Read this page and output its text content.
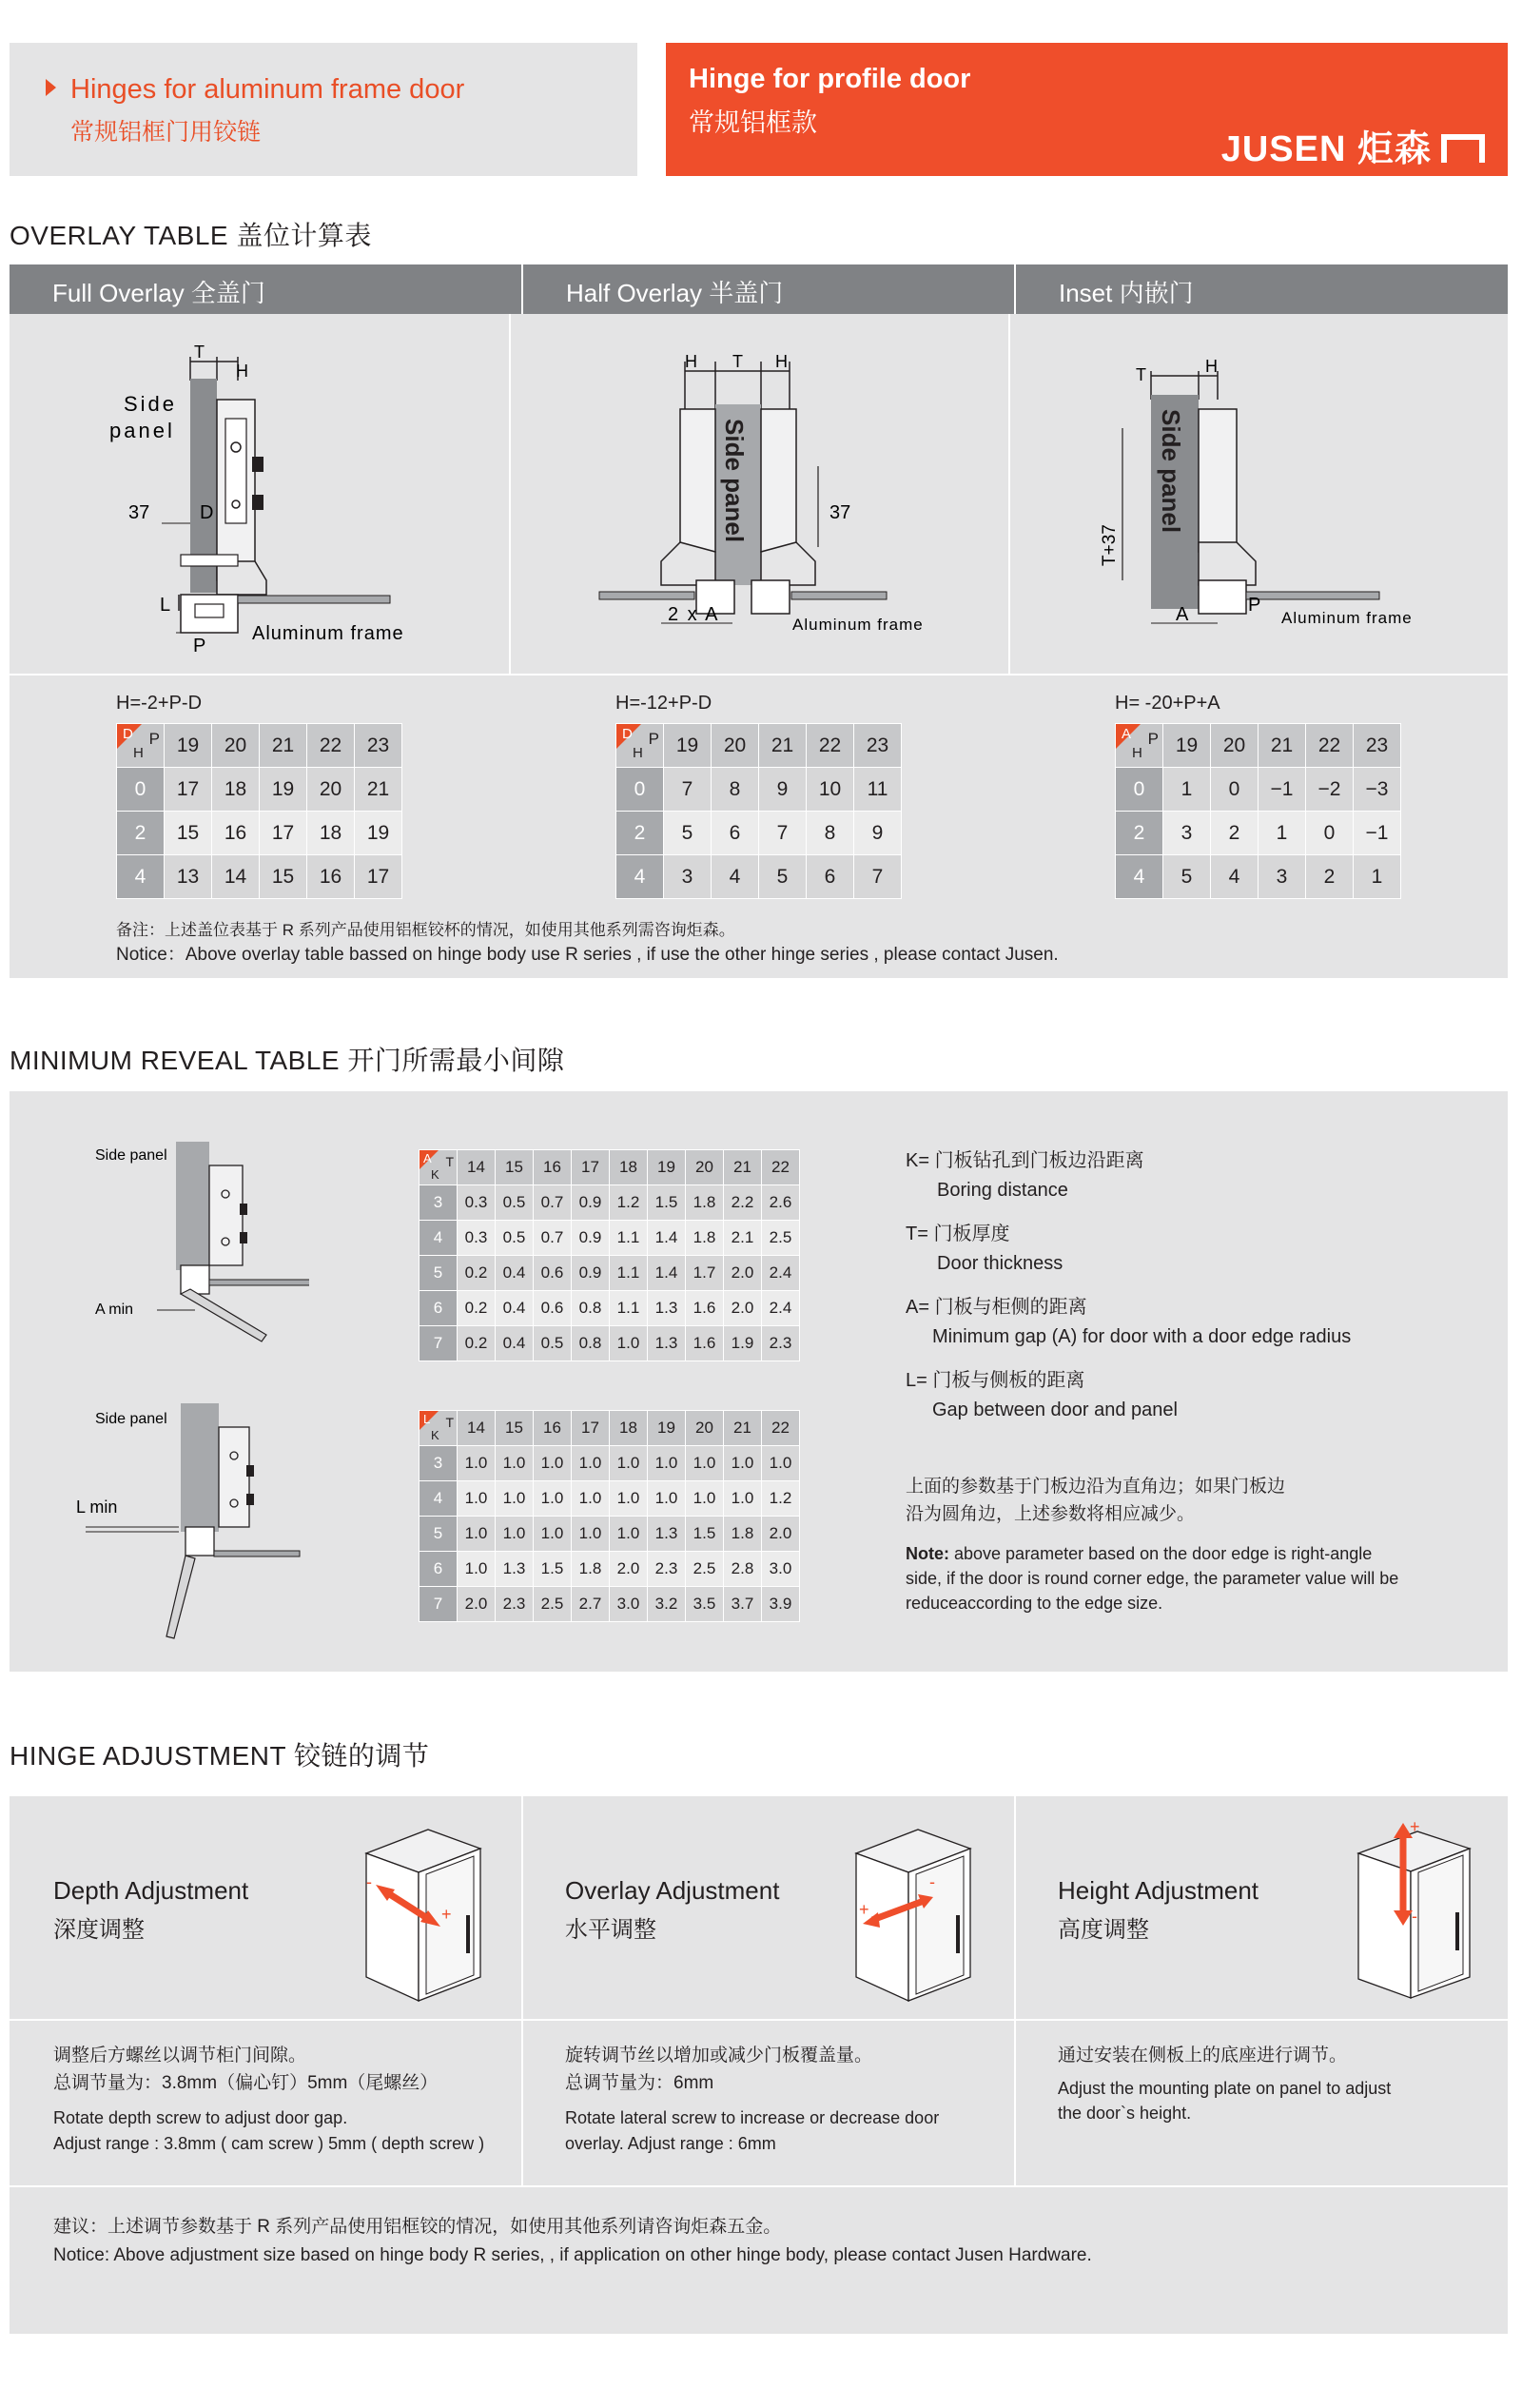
Hinges for aluminum frame door
常规铝框门用铰链
Hinge for profile door
常规铝框款
JUSEN 炬森
OVERLAY TABLE 盖位计算表
Full Overlay 全盖门	Half Overlay 半盖门	Inset 内嵌门
T
H
Side
panel
37	D
L
P
Aluminum frame
H T H
Side panel	37
2 x A	Aluminum frame
T	H
Side panel
T+37
A	P
Aluminum frame
H=-2+P-D	H=-12+P-D	H= -20+P+A
D P
H	19	20	21	22	23
0	17	18	19	20	21
2	15	16	17	18	19
4	13	14	15	16	17
D P
H	19	20	21	22	23
0	7	8	9	10	11
2	5	6	7	8	9
4	3	4	5	6	7
A P
H	19	20	21	22	23
0	1	0	−1	−2	−3
2	3	2	1	0	−1
4	5	4	3	2	1
备注：上述盖位表基于 R 系列产品使用铝框铰杯的情况，如使用其他系列需咨询炬森。
Notice：Above overlay table bassed on hinge body use R series , if use the other hinge series , please contact Jusen.
MINIMUM REVEAL TABLE 开门所需最小间隙
Side panel
A min
Side panel
L min
A T
K	14	15	16	17	18	19	20	21	22
3	0.3	0.5	0.7	0.9	1.2	1.5	1.8	2.2	2.6
4	0.3	0.5	0.7	0.9	1.1	1.4	1.8	2.1	2.5
5	0.2	0.4	0.6	0.9	1.1	1.4	1.7	2.0	2.4
6	0.2	0.4	0.6	0.8	1.1	1.3	1.6	2.0	2.4
7	0.2	0.4	0.5	0.8	1.0	1.3	1.6	1.9	2.3
L T
K	14	15	16	17	18	19	20	21	22
3	1.0	1.0	1.0	1.0	1.0	1.0	1.0	1.0	1.0
4	1.0	1.0	1.0	1.0	1.0	1.0	1.0	1.0	1.2
5	1.0	1.0	1.0	1.0	1.0	1.3	1.5	1.8	2.0
6	1.0	1.3	1.5	1.8	2.0	2.3	2.5	2.8	3.0
7	2.0	2.3	2.5	2.7	3.0	3.2	3.5	3.7	3.9
K= 门板钻孔到门板边沿距离
Boring distance
T= 门板厚度
Door thickness
A= 门板与柜侧的距离
Minimum gap (A) for door with a door edge radius
L= 门板与侧板的距离
Gap between door and panel
上面的参数基于门板边沿为直角边；如果门板边
沿为圆角边，上述参数将相应减少。
Note: above parameter based on the door edge is right-angle
side, if the door is round corner edge, the parameter value will be
reduceaccording to the edge size.
HINGE ADJUSTMENT 铰链的调节
Depth Adjustment
深度调整
-
+
调整后方螺丝以调节柜门间隙。
总调节量为：3.8mm（偏心钉）5mm（尾螺丝）
Rotate depth screw to adjust door gap.
Adjust range : 3.8mm ( cam screw ) 5mm ( depth screw )
Overlay Adjustment
水平调整
+
-
旋转调节丝以增加或减少门板覆盖量。
总调节量为：6mm
Rotate lateral screw to increase or decrease door
overlay. Adjust range : 6mm
Height Adjustment
高度调整
+
-
通过安装在侧板上的底座进行调节。
Adjust the mounting plate on panel to adjust
the door`s height.
建议：上述调节参数基于 R 系列产品使用铝框铰的情况，如使用其他系列请咨询炬森五金。
Notice: Above adjustment size based on hinge body R series, , if application on other hinge body, please contact Jusen Hardware.
